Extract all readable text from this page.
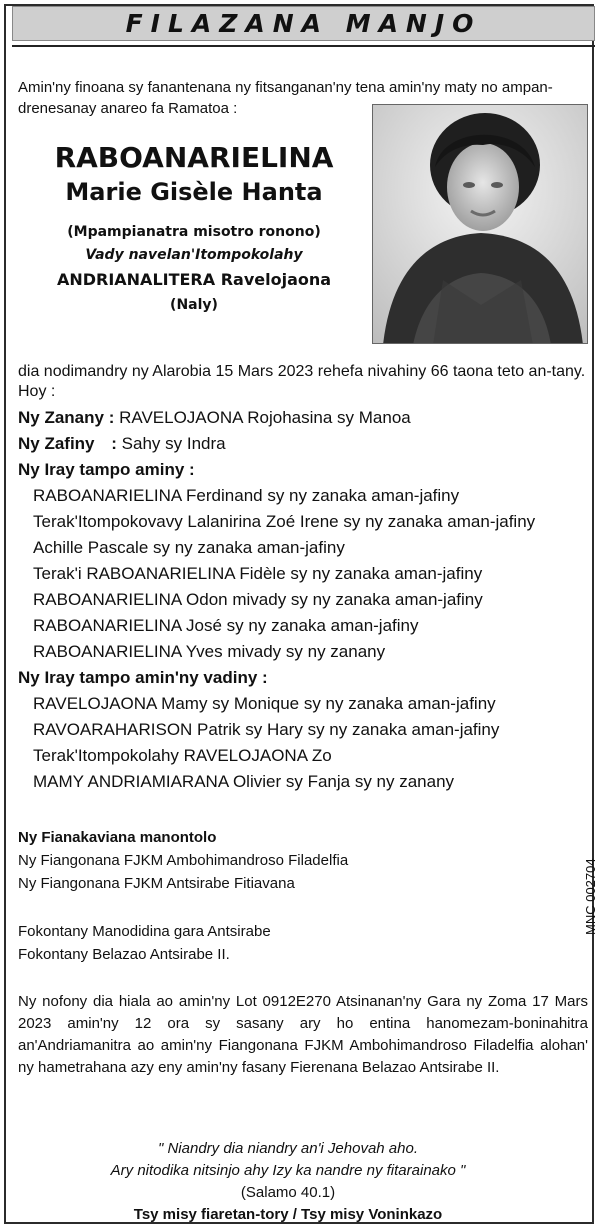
FILAZANA MANJO
Amin'ny finoana sy fanantenana ny fitsanganan'ny tena amin'ny maty no ampan-
drenesanay anareo fa Ramatoa :
RABOANARIELINA
Marie Gisèle Hanta
(Mpampianatra misotro ronono)
Vady navelan'Itompokolahy
ANDRIANALITERA Ravelojaona
(Naly)
dia nodimandry ny Alarobia 15 Mars 2023 rehefa nivahiny 66 taona teto an-tany.
Hoy :
Ny Zanany : RAVELOJAONA Rojohasina sy Manoa
Ny Zafiny : Sahy sy Indra
Ny Iray tampo aminy :
RABOANARIELINA Ferdinand sy ny zanaka aman-jafiny
Terak'Itompokovavy Lalanirina Zoé Irene sy ny zanaka aman-jafiny
Achille Pascale sy ny zanaka aman-jafiny
Terak'i RABOANARIELINA Fidèle sy ny zanaka aman-jafiny
RABOANARIELINA Odon mivady sy ny zanaka aman-jafiny
RABOANARIELINA José sy ny zanaka aman-jafiny
RABOANARIELINA Yves mivady sy ny zanany
Ny Iray tampo amin'ny vadiny :
RAVELOJAONA Mamy sy Monique sy ny zanaka aman-jafiny
RAVOARAHARISON Patrik sy Hary sy ny zanaka aman-jafiny
Terak'Itompokolahy RAVELOJAONA Zo
MAMY ANDRIAMIARANA Olivier sy Fanja sy ny zanany
Ny Fianakaviana manontolo
Ny Fiangonana FJKM Ambohimandroso Filadelfia
Ny Fiangonana FJKM Antsirabe Fitiavana
Fokontany Manodidina gara Antsirabe
Fokontany Belazao Antsirabe II.
Ny nofony dia hiala ao amin'ny Lot 0912E270 Atsinanan'ny Gara ny Zoma 17 Mars 2023 amin'ny 12 ora sy sasany ary ho entina hanomezam-boninahitra an'Andriamanitra ao amin'ny Fiangonana FJKM Ambohimandroso Filadelfia alohan' ny hametrahana azy eny amin'ny fasany Fierenana Belazao Antsirabe II.
" Niandry dia niandry an'i Jehovah aho.
Ary nitodika nitsinjo ahy Izy ka nandre ny fitarainako "
(Salamo 40.1)
Tsy misy fiaretan-tory / Tsy misy Voninkazo
MNC 002704
